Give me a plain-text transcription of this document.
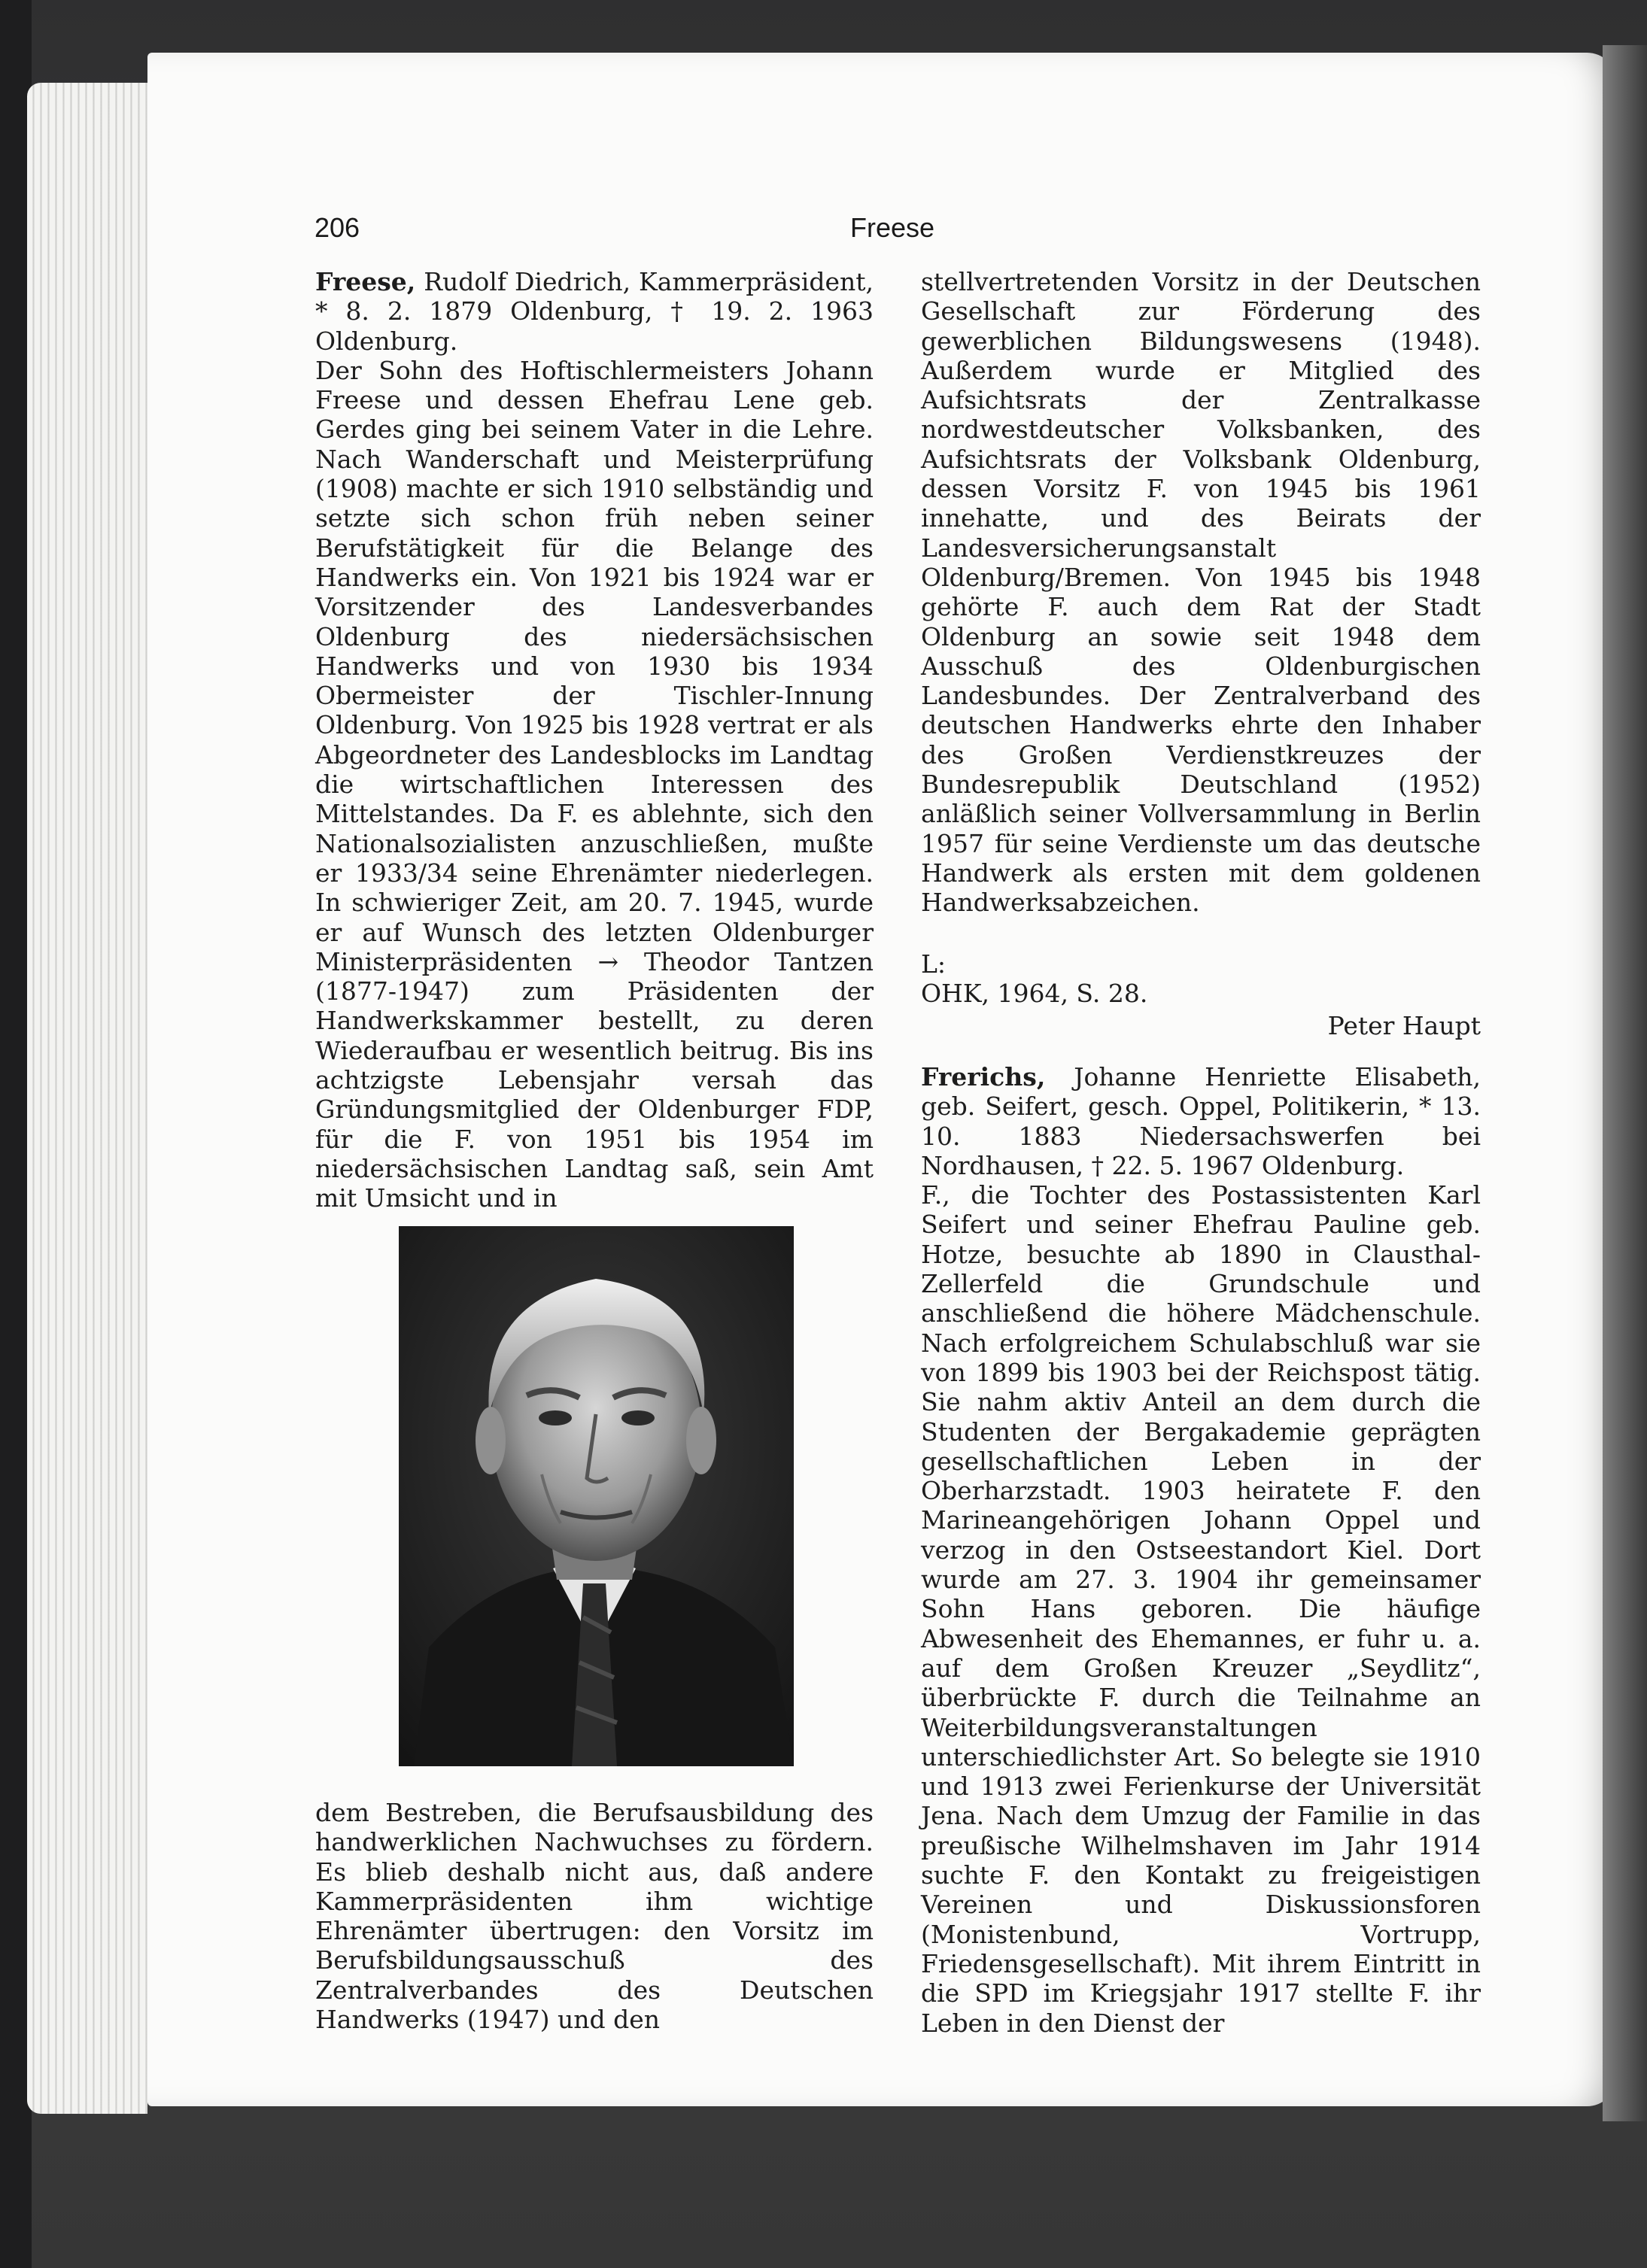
206	Freese

Freese, Rudolf Diedrich, Kammerpräsident, * 8. 2. 1879 Oldenburg, † 19. 2. 1963 Oldenburg.

Der Sohn des Hoftischlermeisters Johann Freese und dessen Ehefrau Lene geb. Gerdes ging bei seinem Vater in die Lehre. Nach Wanderschaft und Meisterprüfung (1908) machte er sich 1910 selbständig und setzte sich schon früh neben seiner Berufstätigkeit für die Belange des Handwerks ein. Von 1921 bis 1924 war er Vorsitzender des Landesverbandes Oldenburg des niedersächsischen Handwerks und von 1930 bis 1934 Obermeister der Tischler-Innung Oldenburg. Von 1925 bis 1928 vertrat er als Abgeordneter des Landesblocks im Landtag die wirtschaftlichen Interessen des Mittelstandes. Da F. es ablehnte, sich den Nationalsozialisten anzuschließen, mußte er 1933/34 seine Ehrenämter niederlegen. In schwieriger Zeit, am 20. 7. 1945, wurde er auf Wunsch des letzten Oldenburger Ministerpräsidenten → Theodor Tantzen (1877-1947) zum Präsidenten der Handwerkskammer bestellt, zu deren Wiederaufbau er wesentlich beitrug. Bis ins achtzigste Lebensjahr versah das Gründungsmitglied der Oldenburger FDP, für die F. von 1951 bis 1954 im niedersächsischen Landtag saß, sein Amt mit Umsicht und in

dem Bestreben, die Berufsausbildung des handwerklichen Nachwuchses zu fördern. Es blieb deshalb nicht aus, daß andere Kammerpräsidenten ihm wichtige Ehrenämter übertrugen: den Vorsitz im Berufsbildungsausschuß des Zentralverbandes des Deutschen Handwerks (1947) und den

stellvertretenden Vorsitz in der Deutschen Gesellschaft zur Förderung des gewerblichen Bildungswesens (1948). Außerdem wurde er Mitglied des Aufsichtsrats der Zentralkasse nordwestdeutscher Volksbanken, des Aufsichtsrats der Volksbank Oldenburg, dessen Vorsitz F. von 1945 bis 1961 innehatte, und des Beirats der Landesversicherungsanstalt Oldenburg/Bremen. Von 1945 bis 1948 gehörte F. auch dem Rat der Stadt Oldenburg an sowie seit 1948 dem Ausschuß des Oldenburgischen Landesbundes. Der Zentralverband des deutschen Handwerks ehrte den Inhaber des Großen Verdienstkreuzes der Bundesrepublik Deutschland (1952) anläßlich seiner Vollversammlung in Berlin 1957 für seine Verdienste um das deutsche Handwerk als ersten mit dem goldenen Handwerksabzeichen.

L:

OHK, 1964, S. 28.

Peter Haupt

Frerichs, Johanne Henriette Elisabeth, geb. Seifert, gesch. Oppel, Politikerin, * 13. 10. 1883 Niedersachswerfen bei Nordhausen, † 22. 5. 1967 Oldenburg.

F., die Tochter des Postassistenten Karl Seifert und seiner Ehefrau Pauline geb. Hotze, besuchte ab 1890 in Clausthal-Zellerfeld die Grundschule und anschließend die höhere Mädchenschule. Nach erfolgreichem Schulabschluß war sie von 1899 bis 1903 bei der Reichspost tätig. Sie nahm aktiv Anteil an dem durch die Studenten der Bergakademie geprägten gesellschaftlichen Leben in der Oberharzstadt. 1903 heiratete F. den Marineangehörigen Johann Oppel und verzog in den Ostseestandort Kiel. Dort wurde am 27. 3. 1904 ihr gemeinsamer Sohn Hans geboren. Die häufige Abwesenheit des Ehemannes, er fuhr u. a. auf dem Großen Kreuzer „Seydlitz“, überbrückte F. durch die Teilnahme an Weiterbildungsveranstaltungen unterschiedlichster Art. So belegte sie 1910 und 1913 zwei Ferienkurse der Universität Jena. Nach dem Umzug der Familie in das preußische Wilhelmshaven im Jahr 1914 suchte F. den Kontakt zu freigeistigen Vereinen und Diskussionsforen (Monistenbund, Vortrupp, Friedensgesellschaft). Mit ihrem Eintritt in die SPD im Kriegsjahr 1917 stellte F. ihr Leben in den Dienst der
